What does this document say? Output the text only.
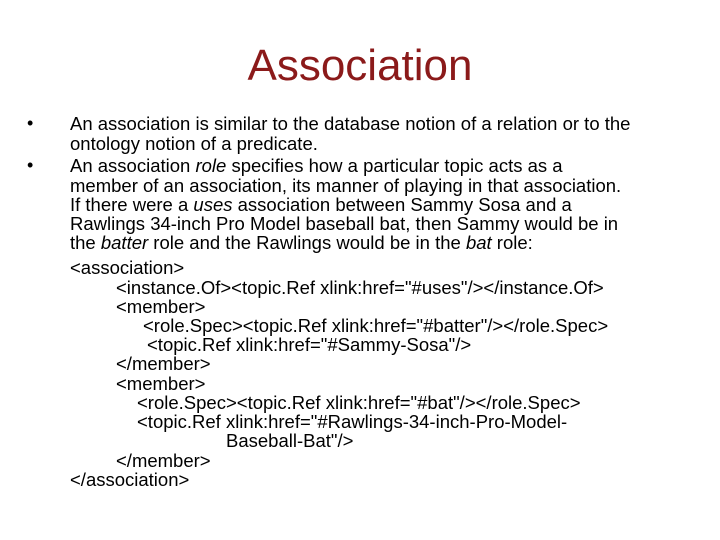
Association
• An association is similar to the database notion of a relation or to the
ontology notion of a predicate.
• An association role specifies how a particular topic acts as a
member of an association, its manner of playing in that association.
If there were a uses association between Sammy Sosa and a
Rawlings 34-inch Pro Model baseball bat, then Sammy would be in
the batter role and the Rawlings would be in the bat role:
<association>
<instance.Of><topic.Ref xlink:href="#uses"/></instance.Of>
<member>
<role.Spec><topic.Ref xlink:href="#batter"/></role.Spec>
<topic.Ref xlink:href="#Sammy-Sosa"/>
</member>
<member>
<role.Spec><topic.Ref xlink:href="#bat"/></role.Spec>
<topic.Ref xlink:href="#Rawlings-34-inch-Pro-Model-
Baseball-Bat"/>
</member>
</association>
